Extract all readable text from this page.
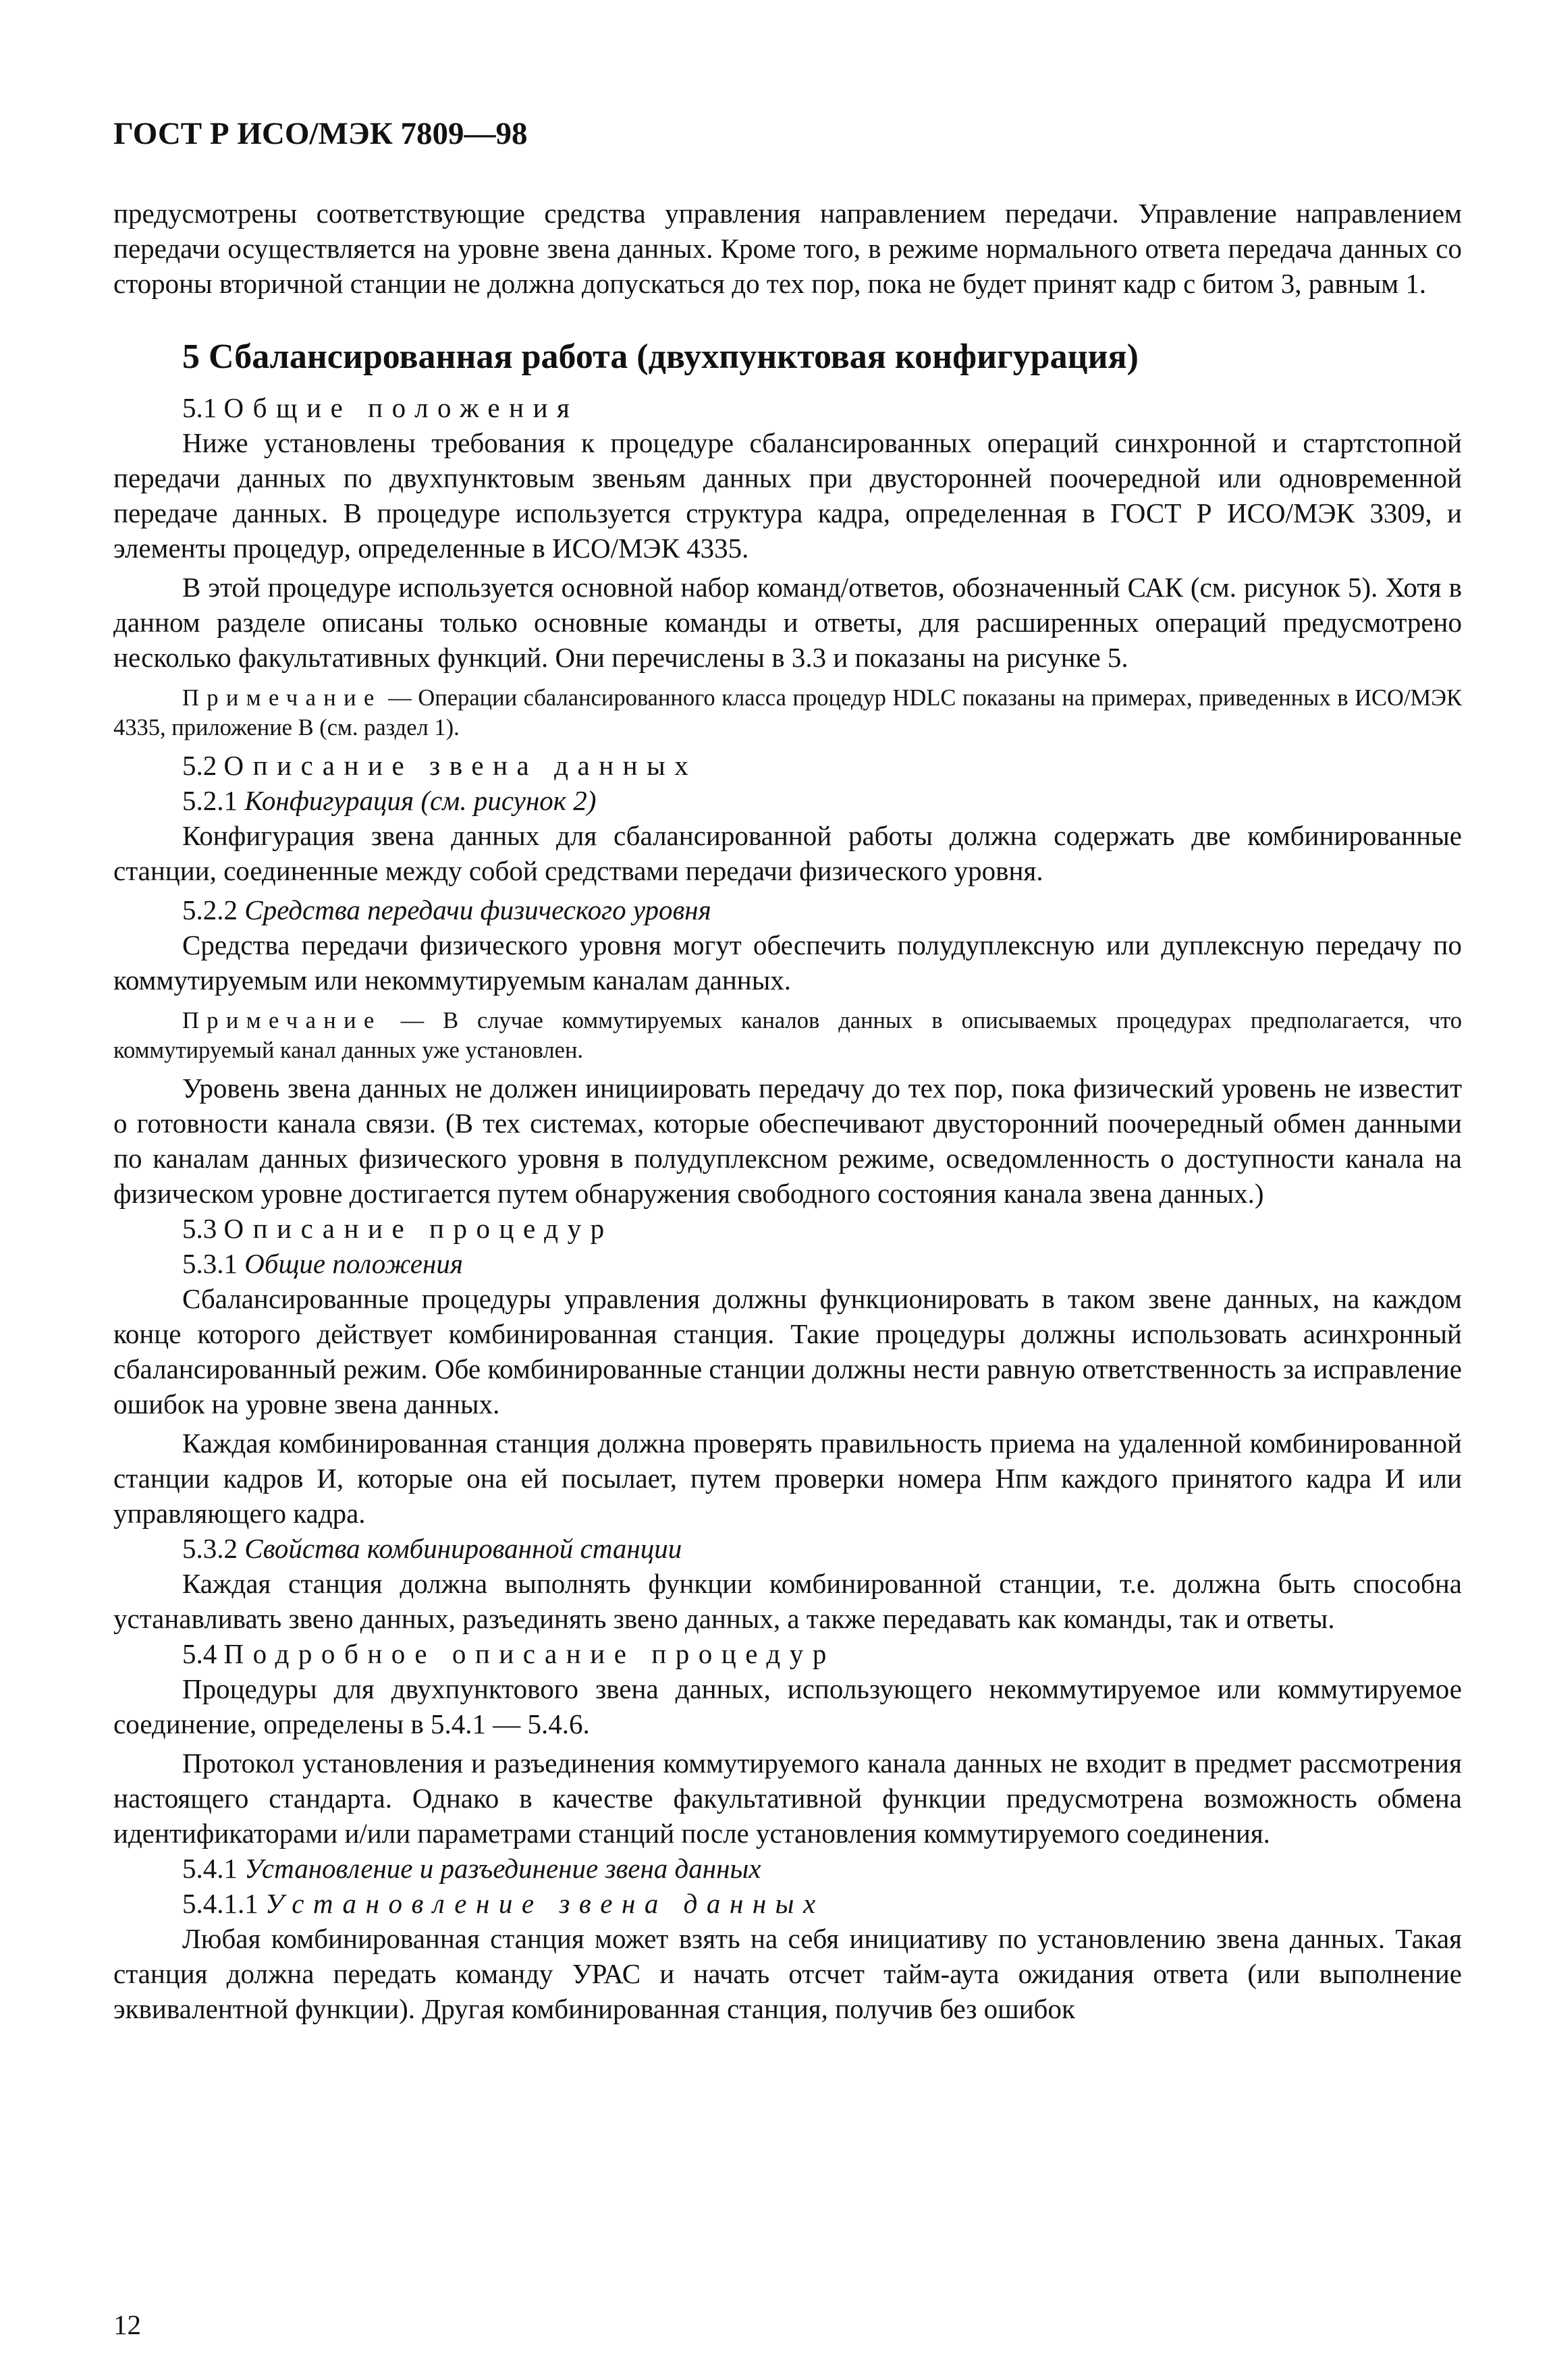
ГОСТ Р ИСО/МЭК 7809—98

предусмотрены соответствующие средства управления направлением передачи. Управление направлением передачи осуществляется на уровне звена данных. Кроме того, в режиме нормального ответа передача данных со стороны вторичной станции не должна допускаться до тех пор, пока не будет принят кадр с битом 3, равным 1.

5 Сбалансированная работа (двухпунктовая конфигурация)

5.1 Общие положения

Ниже установлены требования к процедуре сбалансированных операций синхронной и стартстопной передачи данных по двухпунктовым звеньям данных при двусторонней поочередной или одновременной передаче данных. В процедуре используется структура кадра, определенная в ГОСТ Р ИСО/МЭК 3309, и элементы процедур, определенные в ИСО/МЭК 4335.

В этой процедуре используется основной набор команд/ответов, обозначенный САК (см. рисунок 5). Хотя в данном разделе описаны только основные команды и ответы, для расширенных операций предусмотрено несколько факультативных функций. Они перечислены в 3.3 и показаны на рисунке 5.

Примечание — Операции сбалансированного класса процедур HDLC показаны на примерах, приведенных в ИСО/МЭК 4335, приложение В (см. раздел 1).

5.2 Описание звена данных

5.2.1 Конфигурация (см. рисунок 2)

Конфигурация звена данных для сбалансированной работы должна содержать две комбинированные станции, соединенные между собой средствами передачи физического уровня.

5.2.2 Средства передачи физического уровня

Средства передачи физического уровня могут обеспечить полудуплексную или дуплексную передачу по коммутируемым или некоммутируемым каналам данных.

Примечание — В случае коммутируемых каналов данных в описываемых процедурах предполагается, что коммутируемый канал данных уже установлен.

Уровень звена данных не должен инициировать передачу до тех пор, пока физический уровень не известит о готовности канала связи. (В тех системах, которые обеспечивают двусторонний поочередный обмен данными по каналам данных физического уровня в полудуплексном режиме, осведомленность о доступности канала на физическом уровне достигается путем обнаружения свободного состояния канала звена данных.)

5.3 Описание процедур

5.3.1 Общие положения

Сбалансированные процедуры управления должны функционировать в таком звене данных, на каждом конце которого действует комбинированная станция. Такие процедуры должны использовать асинхронный сбалансированный режим. Обе комбинированные станции должны нести равную ответственность за исправление ошибок на уровне звена данных.

Каждая комбинированная станция должна проверять правильность приема на удаленной комбинированной станции кадров И, которые она ей посылает, путем проверки номера Нпм каждого принятого кадра И или управляющего кадра.

5.3.2 Свойства комбинированной станции

Каждая станция должна выполнять функции комбинированной станции, т.е. должна быть способна устанавливать звено данных, разъединять звено данных, а также передавать как команды, так и ответы.

5.4 Подробное описание процедур

Процедуры для двухпунктового звена данных, использующего некоммутируемое или коммутируемое соединение, определены в 5.4.1 — 5.4.6.

Протокол установления и разъединения коммутируемого канала данных не входит в предмет рассмотрения настоящего стандарта. Однако в качестве факультативной функции предусмотрена возможность обмена идентификаторами и/или параметрами станций после установления коммутируемого соединения.

5.4.1 Установление и разъединение звена данных

5.4.1.1 Установление звена данных

Любая комбинированная станция может взять на себя инициативу по установлению звена данных. Такая станция должна передать команду УРАС и начать отсчет тайм-аута ожидания ответа (или выполнение эквивалентной функции). Другая комбинированная станция, получив без ошибок

12
